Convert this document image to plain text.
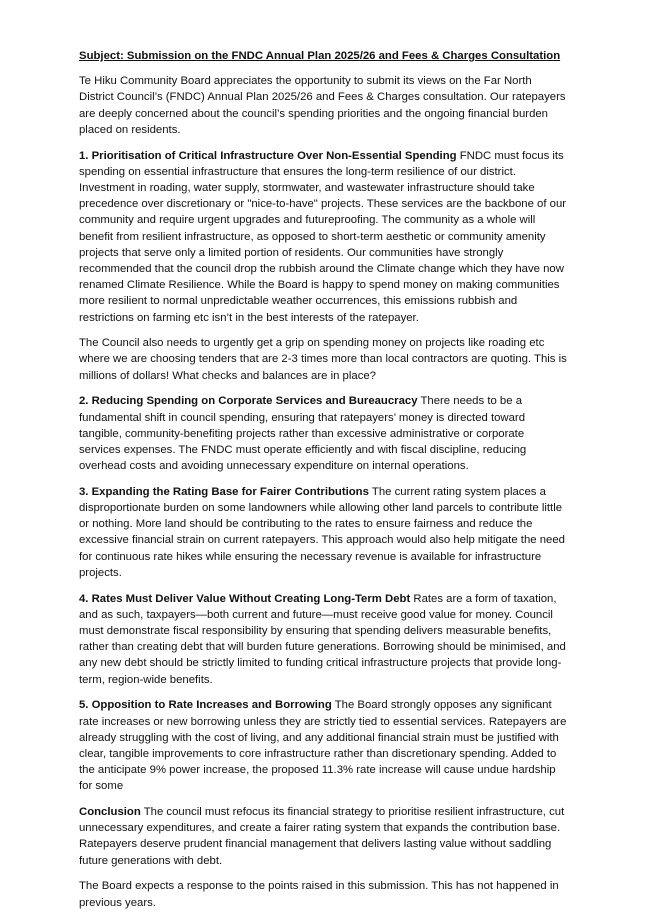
Subject: Submission on the FNDC Annual Plan 2025/26 and Fees & Charges Consultation

Te Hiku Community Board appreciates the opportunity to submit its views on the Far North District Council’s (FNDC) Annual Plan 2025/26 and Fees & Charges consultation. Our ratepayers are deeply concerned about the council’s spending priorities and the ongoing financial burden placed on residents.

1. Prioritisation of Critical Infrastructure Over Non-Essential Spending FNDC must focus its spending on essential infrastructure that ensures the long-term resilience of our district. Investment in roading, water supply, stormwater, and wastewater infrastructure should take precedence over discretionary or "nice-to-have" projects. These services are the backbone of our community and require urgent upgrades and futureproofing. The community as a whole will benefit from resilient infrastructure, as opposed to short-term aesthetic or community amenity projects that serve only a limited portion of residents. Our communities have strongly recommended that the council drop the rubbish around the Climate change which they have now renamed Climate Resilience. While the Board is happy to spend money on making communities more resilient to normal unpredictable weather occurrences, this emissions rubbish and restrictions on farming etc isn’t in the best interests of the ratepayer.

The Council also needs to urgently get a grip on spending money on projects like roading etc where we are choosing tenders that are 2-3 times more than local contractors are quoting. This is millions of dollars! What checks and balances are in place?

2. Reducing Spending on Corporate Services and Bureaucracy There needs to be a fundamental shift in council spending, ensuring that ratepayers’ money is directed toward tangible, community-benefiting projects rather than excessive administrative or corporate services expenses. The FNDC must operate efficiently and with fiscal discipline, reducing overhead costs and avoiding unnecessary expenditure on internal operations.

3. Expanding the Rating Base for Fairer Contributions The current rating system places a disproportionate burden on some landowners while allowing other land parcels to contribute little or nothing. More land should be contributing to the rates to ensure fairness and reduce the excessive financial strain on current ratepayers. This approach would also help mitigate the need for continuous rate hikes while ensuring the necessary revenue is available for infrastructure projects.

4. Rates Must Deliver Value Without Creating Long-Term Debt Rates are a form of taxation, and as such, taxpayers—both current and future—must receive good value for money. Council must demonstrate fiscal responsibility by ensuring that spending delivers measurable benefits, rather than creating debt that will burden future generations. Borrowing should be minimised, and any new debt should be strictly limited to funding critical infrastructure projects that provide long-term, region-wide benefits.

5. Opposition to Rate Increases and Borrowing The Board strongly opposes any significant rate increases or new borrowing unless they are strictly tied to essential services. Ratepayers are already struggling with the cost of living, and any additional financial strain must be justified with clear, tangible improvements to core infrastructure rather than discretionary spending. Added to the anticipate 9% power increase, the proposed 11.3% rate increase will cause undue hardship for some

Conclusion The council must refocus its financial strategy to prioritise resilient infrastructure, cut unnecessary expenditures, and create a fairer rating system that expands the contribution base. Ratepayers deserve prudent financial management that delivers lasting value without saddling future generations with debt.

The Board expects a response to the points raised in this submission. This has not happened in previous years.
